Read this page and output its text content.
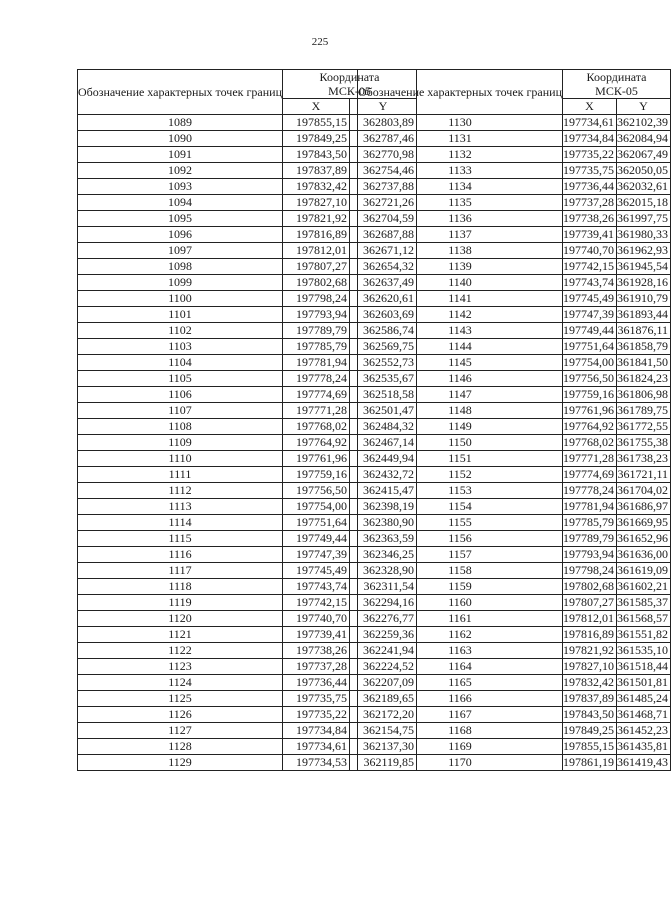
225
Обозначение характерных точек границ	Координата
МСК-05	
	X	Y
1089	197855,15	362803,89
1090	197849,25	362787,46
1091	197843,50	362770,98
1092	197837,89	362754,46
1093	197832,42	362737,88
1094	197827,10	362721,26
1095	197821,92	362704,59
1096	197816,89	362687,88
1097	197812,01	362671,12
1098	197807,27	362654,32
1099	197802,68	362637,49
1100	197798,24	362620,61
1101	197793,94	362603,69
1102	197789,79	362586,74
1103	197785,79	362569,75
1104	197781,94	362552,73
1105	197778,24	362535,67
1106	197774,69	362518,58
1107	197771,28	362501,47
1108	197768,02	362484,32
1109	197764,92	362467,14
1110	197761,96	362449,94
1111	197759,16	362432,72
1112	197756,50	362415,47
1113	197754,00	362398,19
1114	197751,64	362380,90
1115	197749,44	362363,59
1116	197747,39	362346,25
1117	197745,49	362328,90
1118	197743,74	362311,54
1119	197742,15	362294,16
1120	197740,70	362276,77
1121	197739,41	362259,36
1122	197738,26	362241,94
1123	197737,28	362224,52
1124	197736,44	362207,09
1125	197735,75	362189,65
1126	197735,22	362172,20
1127	197734,84	362154,75
1128	197734,61	362137,30
1129	197734,53	362119,85
Обозначение характерных точек границ	Координата
МСК-05	
	X	Y
1130	197734,61	362102,39
1131	197734,84	362084,94
1132	197735,22	362067,49
1133	197735,75	362050,05
1134	197736,44	362032,61
1135	197737,28	362015,18
1136	197738,26	361997,75
1137	197739,41	361980,33
1138	197740,70	361962,93
1139	197742,15	361945,54
1140	197743,74	361928,16
1141	197745,49	361910,79
1142	197747,39	361893,44
1143	197749,44	361876,11
1144	197751,64	361858,79
1145	197754,00	361841,50
1146	197756,50	361824,23
1147	197759,16	361806,98
1148	197761,96	361789,75
1149	197764,92	361772,55
1150	197768,02	361755,38
1151	197771,28	361738,23
1152	197774,69	361721,11
1153	197778,24	361704,02
1154	197781,94	361686,97
1155	197785,79	361669,95
1156	197789,79	361652,96
1157	197793,94	361636,00
1158	197798,24	361619,09
1159	197802,68	361602,21
1160	197807,27	361585,37
1161	197812,01	361568,57
1162	197816,89	361551,82
1163	197821,92	361535,10
1164	197827,10	361518,44
1165	197832,42	361501,81
1166	197837,89	361485,24
1167	197843,50	361468,71
1168	197849,25	361452,23
1169	197855,15	361435,81
1170	197861,19	361419,43
